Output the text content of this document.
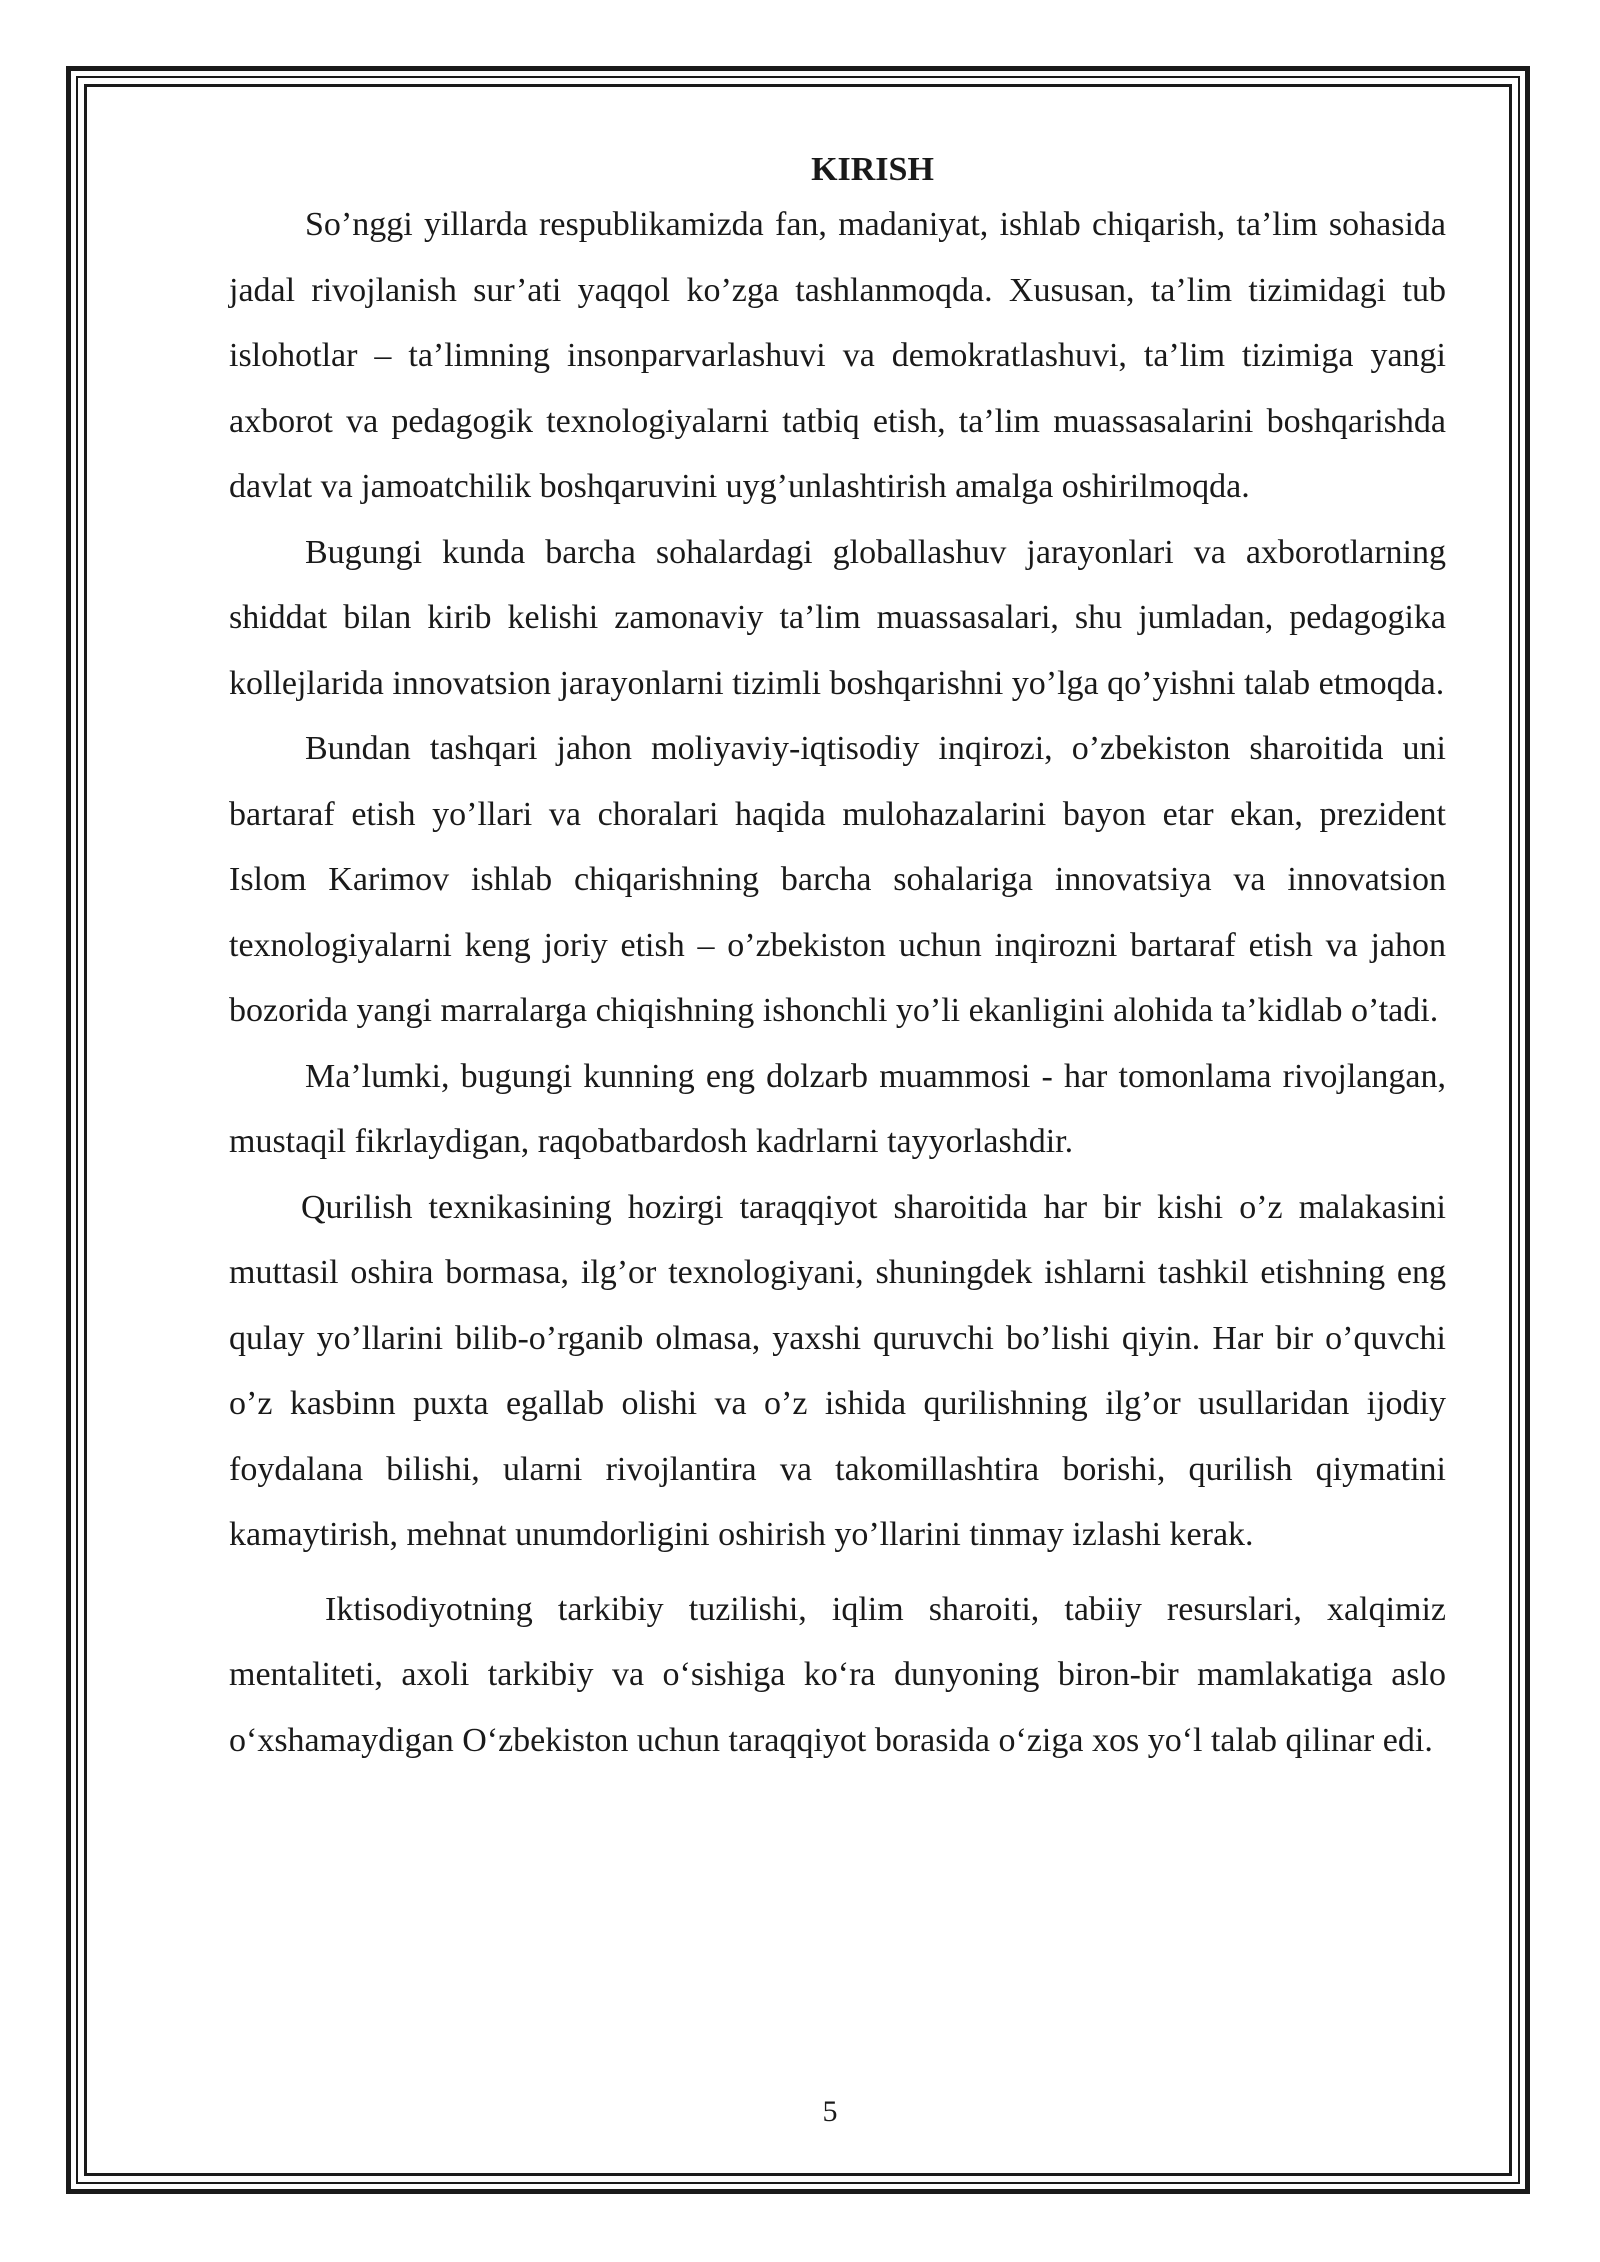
KIRISH

So’nggi yillarda respublikamizda fan, madaniyat, ishlab chiqarish, ta’lim sohasida jadal rivojlanish sur’ati yaqqol ko’zga tashlanmoqda. Xususan, ta’lim tizimidagi tub islohotlar – ta’limning insonparvarlashuvi va demokratlashuvi, ta’lim tizimiga yangi axborot va pedagogik texnologiyalarni tatbiq etish, ta’lim muassasalarini boshqarishda davlat va jamoatchilik boshqaruvini uyg’unlashtirish amalga oshirilmoqda.

Bugungi kunda barcha sohalardagi globallashuv jarayonlari va axborotlarning shiddat bilan kirib kelishi zamonaviy ta’lim muassasalari, shu jumladan, pedagogika kollejlarida innovatsion jarayonlarni tizimli boshqarishni yo’lga qo’yishni talab etmoqda.

Bundan tashqari jahon moliyaviy-iqtisodiy inqirozi, o’zbekiston sharoitida uni bartaraf etish yo’llari va choralari haqida mulohazalarini bayon etar ekan, prezident Islom Karimov ishlab chiqarishning barcha sohalariga innovatsiya va innovatsion texnologiyalarni keng joriy etish – o’zbekiston uchun inqirozni bartaraf etish va jahon bozorida yangi marralarga chiqishning ishonchli yo’li ekanligini alohida ta’kidlab o’tadi.

Ma’lumki, bugungi kunning eng dolzarb muammosi - har tomonlama rivojlangan, mustaqil fikrlaydigan, raqobatbardosh kadrlarni tayyorlashdir.

Qurilish texnikasining hozirgi taraqqiyot sharoitida har bir kishi o’z malakasini muttasil oshira bormasa, ilg’or texnologiyani, shuningdek ishlarni tashkil etishning eng qulay yo’llarini bilib-o’rganib olmasa, yaxshi quruvchi bo’lishi qiyin. Har bir o’quvchi o’z kasbinn puxta egallab olishi va o’z ishida qurilishning ilg’or usullaridan ijodiy foydalana bilishi, ularni rivojlantira va takomillashtira borishi, qurilish qiymatini kamaytirish, mehnat unumdorligini oshirish yo’llarini tinmay izlashi kerak.

Iktisodiyotning tarkibiy tuzilishi, iqlim sharoiti, tabiiy resurslari, xalqimiz mentaliteti, axoli tarkibiy va o‘sishiga ko‘ra dunyoning biron-bir mamlakatiga aslo o‘xshamaydigan O‘zbekiston uchun taraqqiyot borasida o‘ziga xos yo‘l talab qilinar edi.

5
